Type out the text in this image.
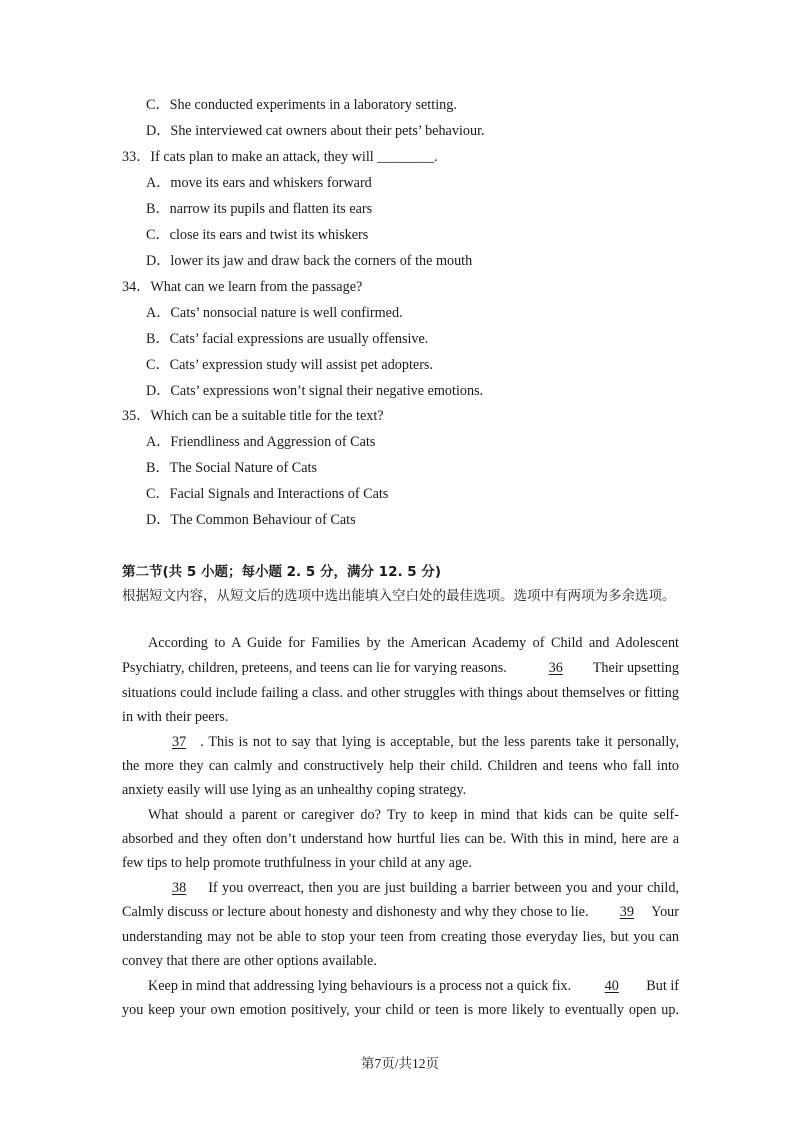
C．She conducted experiments in a laboratory setting.
D．She interviewed cat owners about their pets’ behaviour.
33．If cats plan to make an attack, they will ________.
A．move its ears and whiskers forward
B．narrow its pupils and flatten its ears
C．close its ears and twist its whiskers
D．lower its jaw and draw back the corners of the mouth
34．What can we learn from the passage?
A．Cats’ nonsocial nature is well confirmed.
B．Cats’ facial expressions are usually offensive.
C．Cats’ expression study will assist pet adopters.
D．Cats’ expressions won’t signal their negative emotions.
35．Which can be a suitable title for the text?
A．Friendliness and Aggression of Cats
B．The Social Nature of Cats
C．Facial Signals and Interactions of Cats
D．The Common Behaviour of Cats
第二节(共 5 小题；每小题 2. 5 分，满分 12. 5 分)
根据短文内容，从短文后的选项中选出能填入空白处的最佳选项。选项中有两项为多余选项。
According to A Guide for Families by the American Academy of Child and Adolescent
Psychiatry, children, preteens, and teens can lie for varying reasons.	36	Their upsetting
situations could include failing a class. and other struggles with things about themselves or fitting
in with their peers.
37 . This is not to say that lying is acceptable, but the less parents take it personally,
the more they can calmly and constructively help their child. Children and teens who fall into
anxiety easily will use lying as an unhealthy coping strategy.
What should a parent or caregiver do? Try to keep in mind that kids can be quite self-
absorbed and they often don’t understand how hurtful lies can be. With this in mind, here are a
few tips to help promote truthfulness in your child at any age.
38	If you overreact, then you are just building a barrier between you and your child,
Calmly discuss or lecture about honesty and dishonesty and why they chose to lie.	39	Your
understanding may not be able to stop your teen from creating those everyday lies, but you can
convey that there are other options available.
Keep in mind that addressing lying behaviours is a process not a quick fix.	40	But if
you keep your own emotion positively, your child or teen is more likely to eventually open up.
第7页/共12页
